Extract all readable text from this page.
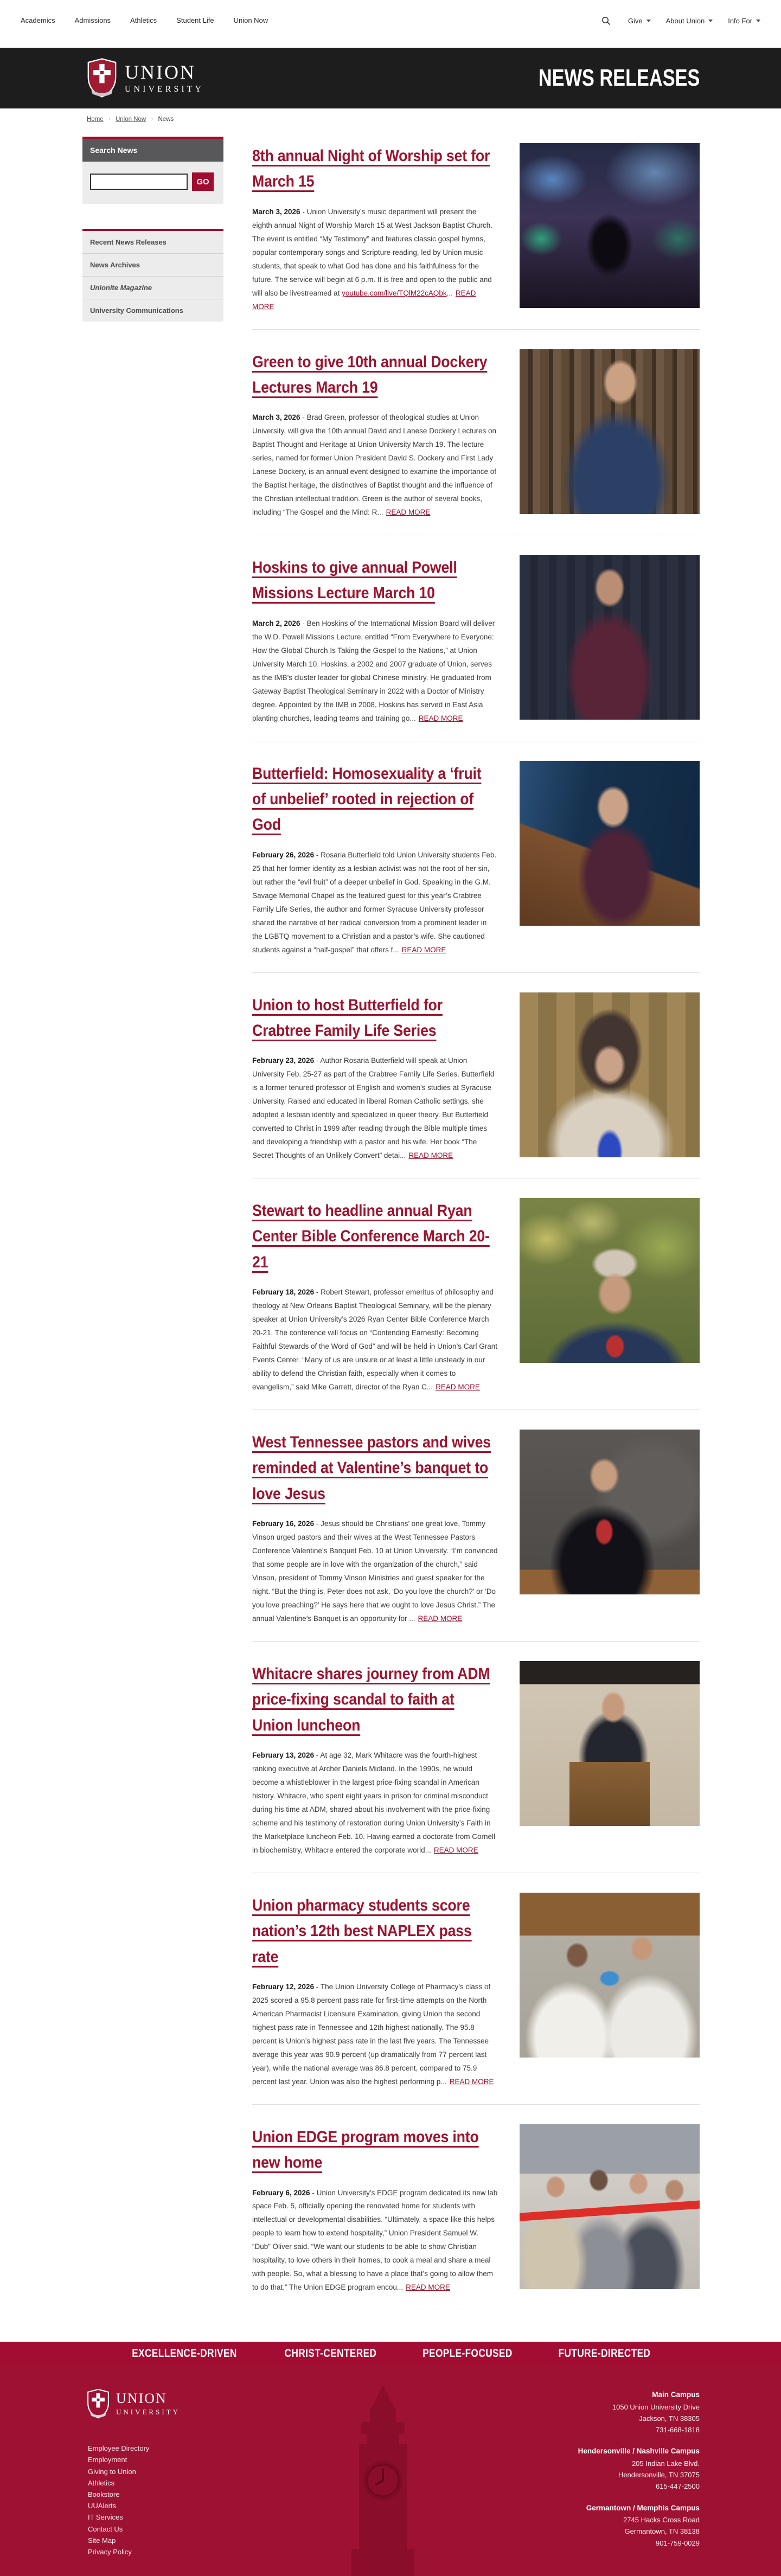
Academics	Admissions	Athletics	Student Life	Union Now	Give	About Union	Info For
UNION
UNIVERSITY	NEWS RELEASES
Home › Union Now › News
Search News
GO
Recent News Releases
News Archives
Unionite Magazine
University Communications
8th annual Night of Worship set for March 15

March 3, 2026 - Union University’s music department will present the eighth annual Night of Worship March 15 at West Jackson Baptist Church. The event is entitled “My Testimony” and features classic gospel hymns, popular contemporary songs and Scripture reading, led by Union music students, that speak to what God has done and his faithfulness for the future. The service will begin at 6 p.m. It is free and open to the public and will also be livestreamed at youtube.com/live/TQlM22cAQbk... READ MORE

Green to give 10th annual Dockery Lectures March 19

March 3, 2026 - Brad Green, professor of theological studies at Union University, will give the 10th annual David and Lanese Dockery Lectures on Baptist Thought and Heritage at Union University March 19. The lecture series, named for former Union President David S. Dockery and First Lady Lanese Dockery, is an annual event designed to examine the importance of the Baptist heritage, the distinctives of Baptist thought and the influence of the Christian intellectual tradition. Green is the author of several books, including “The Gospel and the Mind: R... READ MORE

Hoskins to give annual Powell Missions Lecture March 10

March 2, 2026 - Ben Hoskins of the International Mission Board will deliver the W.D. Powell Missions Lecture, entitled “From Everywhere to Everyone: How the Global Church Is Taking the Gospel to the Nations,” at Union University March 10. Hoskins, a 2002 and 2007 graduate of Union, serves as the IMB’s cluster leader for global Chinese ministry. He graduated from Gateway Baptist Theological Seminary in 2022 with a Doctor of Ministry degree. Appointed by the IMB in 2008, Hoskins has served in East Asia planting churches, leading teams and training go... READ MORE

Butterfield: Homosexuality a ‘fruit of unbelief’ rooted in rejection of God

February 26, 2026 - Rosaria Butterfield told Union University students Feb. 25 that her former identity as a lesbian activist was not the root of her sin, but rather the “evil fruit” of a deeper unbelief in God. Speaking in the G.M. Savage Memorial Chapel as the featured guest for this year’s Crabtree Family Life Series, the author and former Syracuse University professor shared the narrative of her radical conversion from a prominent leader in the LGBTQ movement to a Christian and a pastor’s wife. She cautioned students against a “half-gospel” that offers f... READ MORE

Union to host Butterfield for Crabtree Family Life Series

February 23, 2026 - Author Rosaria Butterfield will speak at Union University Feb. 25-27 as part of the Crabtree Family Life Series. Butterfield is a former tenured professor of English and women’s studies at Syracuse University. Raised and educated in liberal Roman Catholic settings, she adopted a lesbian identity and specialized in queer theory. But Butterfield converted to Christ in 1999 after reading through the Bible multiple times and developing a friendship with a pastor and his wife. Her book “The Secret Thoughts of an Unlikely Convert” detai... READ MORE

Stewart to headline annual Ryan Center Bible Conference March 20-21

February 18, 2026 - Robert Stewart, professor emeritus of philosophy and theology at New Orleans Baptist Theological Seminary, will be the plenary speaker at Union University’s 2026 Ryan Center Bible Conference March 20-21. The conference will focus on “Contending Earnestly: Becoming Faithful Stewards of the Word of God” and will be held in Union’s Carl Grant Events Center. “Many of us are unsure or at least a little unsteady in our ability to defend the Christian faith, especially when it comes to evangelism,” said Mike Garrett, director of the Ryan C... READ MORE

West Tennessee pastors and wives reminded at Valentine’s banquet to love Jesus

February 16, 2026 - Jesus should be Christians’ one great love, Tommy Vinson urged pastors and their wives at the West Tennessee Pastors Conference Valentine’s Banquet Feb. 10 at Union University. “I’m convinced that some people are in love with the organization of the church,” said Vinson, president of Tommy Vinson Ministries and guest speaker for the night. “But the thing is, Peter does not ask, ‘Do you love the church?’ or ‘Do you love preaching?’ He says here that we ought to love Jesus Christ.” The annual Valentine’s Banquet is an opportunity for ... READ MORE

Whitacre shares journey from ADM price-fixing scandal to faith at Union luncheon

February 13, 2026 - At age 32, Mark Whitacre was the fourth-highest ranking executive at Archer Daniels Midland. In the 1990s, he would become a whistleblower in the largest price-fixing scandal in American history. Whitacre, who spent eight years in prison for criminal misconduct during his time at ADM, shared about his involvement with the price-fixing scheme and his testimony of restoration during Union University’s Faith in the Marketplace luncheon Feb. 10. Having earned a doctorate from Cornell in biochemistry, Whitacre entered the corporate world... READ MORE

Union pharmacy students score nation’s 12th best NAPLEX pass rate

February 12, 2026 - The Union University College of Pharmacy’s class of 2025 scored a 95.8 percent pass rate for first-time attempts on the North American Pharmacist Licensure Examination, giving Union the second highest pass rate in Tennessee and 12th highest nationally. The 95.8 percent is Union’s highest pass rate in the last five years. The Tennessee average this year was 90.9 percent (up dramatically from 77 percent last year), while the national average was 86.8 percent, compared to 75.9 percent last year. Union was also the highest performing p... READ MORE

Union EDGE program moves into new home

February 6, 2026 - Union University’s EDGE program dedicated its new lab space Feb. 5, officially opening the renovated home for students with intellectual or developmental disabilities. “Ultimately, a space like this helps people to learn how to extend hospitality,” Union President Samuel W. “Dub” Oliver said. “We want our students to be able to show Christian hospitality, to love others in their homes, to cook a meal and share a meal with people. So, what a blessing to have a place that’s going to allow them to do that.” The Union EDGE program encou... READ MORE

EXCELLENCE-DRIVEN	CHRIST-CENTERED	PEOPLE-FOCUSED	FUTURE-DIRECTED
UNION
UNIVERSITY
Employee Directory
Employment
Giving to Union
Athletics
Bookstore
UUAlerts
IT Services
Contact Us
Site Map
Privacy Policy
Main Campus
1050 Union University Drive
Jackson, TN 38305
731-668-1818
Hendersonville / Nashville Campus
205 Indian Lake Blvd.
Hendersonville, TN 37075
615-447-2500
Germantown / Memphis Campus
2745 Hacks Cross Road
Germantown, TN 38138
901-759-0029
